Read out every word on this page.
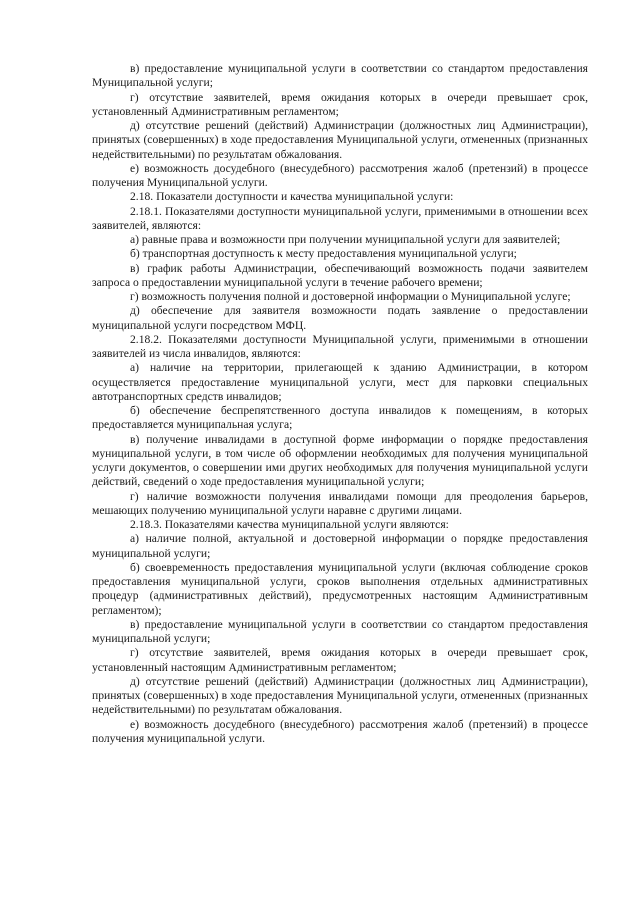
в) предоставление муниципальной услуги в соответствии со стандартом предоставления Муниципальной услуги;

г) отсутствие заявителей, время ожидания которых в очереди превышает срок, установленный Административным регламентом;

д) отсутствие решений (действий) Администрации (должностных лиц Администрации), принятых (совершенных) в ходе предоставления Муниципальной услуги, отмененных (признанных недействительными) по результатам обжалования.

е) возможность досудебного (внесудебного) рассмотрения жалоб (претензий) в процессе получения Муниципальной услуги.

2.18. Показатели доступности и качества муниципальной услуги:

2.18.1. Показателями доступности муниципальной услуги, применимыми в отношении всех заявителей, являются:

а) равные права и возможности при получении муниципальной услуги для заявителей;

б) транспортная доступность к месту предоставления муниципальной услуги;

в) график работы Администрации, обеспечивающий возможность подачи заявителем запроса о предоставлении муниципальной услуги в течение рабочего времени;

г) возможность получения полной и достоверной информации о Муниципальной услуге;

д) обеспечение для заявителя возможности подать заявление о предоставлении муниципальной услуги посредством МФЦ.

2.18.2. Показателями доступности Муниципальной услуги, применимыми в отношении заявителей из числа инвалидов, являются:

а) наличие на территории, прилегающей к зданию Администрации, в котором осуществляется предоставление муниципальной услуги, мест для парковки специальных автотранспортных средств инвалидов;

б) обеспечение беспрепятственного доступа инвалидов к помещениям, в которых предоставляется муниципальная услуга;

в) получение инвалидами в доступной форме информации о порядке предоставления муниципальной услуги, в том числе об оформлении необходимых для получения муниципальной услуги документов, о совершении ими других необходимых для получения муниципальной услуги действий, сведений о ходе предоставления муниципальной услуги;

г) наличие возможности получения инвалидами помощи для преодоления барьеров, мешающих получению муниципальной услуги наравне с другими лицами.

2.18.3. Показателями качества муниципальной услуги являются:

а) наличие полной, актуальной и достоверной информации о порядке предоставления муниципальной услуги;

б) своевременность предоставления муниципальной услуги (включая соблюдение сроков предоставления муниципальной услуги, сроков выполнения отдельных административных процедур (административных действий), предусмотренных настоящим Административным регламентом);

в) предоставление муниципальной услуги в соответствии со стандартом предоставления муниципальной услуги;

г) отсутствие заявителей, время ожидания которых в очереди превышает срок, установленный настоящим Административным регламентом;

д) отсутствие решений (действий) Администрации (должностных лиц Администрации), принятых (совершенных) в ходе предоставления Муниципальной услуги, отмененных (признанных недействительными) по результатам обжалования.

е) возможность досудебного (внесудебного) рассмотрения жалоб (претензий) в процессе получения муниципальной услуги.
